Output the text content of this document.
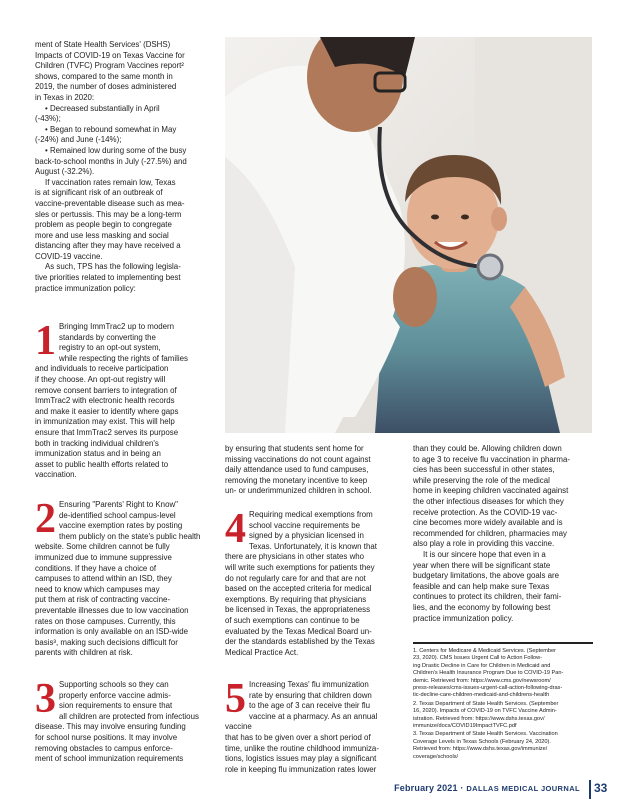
ment of State Health Services' (DSHS)
Impacts of COVID-19 on Texas Vaccine for
Children (TVFC) Program Vaccines report²
shows, compared to the same month in
2019, the number of doses administered
in Texas in 2020:

• Decreased substantially in April
(-43%);

• Began to rebound somewhat in May
(-24%) and June (-14%);

• Remained low during some of the busy
back-to-school months in July (-27.5%) and
August (-32.2%).

If vaccination rates remain low, Texas
is at significant risk of an outbreak of
vaccine-preventable disease such as mea-
sles or pertussis. This may be a long-term
problem as people begin to congregate
more and use less masking and social
distancing after they may have received a
COVID-19 vaccine.

As such, TPS has the following legisla-
tive priorities related to implementing best
practice immunization policy:

1 Bringing ImmTrac2 up to modern
standards by converting the
registry to an opt-out system,
while respecting the rights of families
and individuals to receive participation
if they choose. An opt-out registry will
remove consent barriers to integration of
ImmTrac2 with electronic health records
and make it easier to identify where gaps
in immunization may exist. This will help
ensure that ImmTrac2 serves its purpose
both in tracking individual children's
immunization status and in being an
asset to public health efforts related to
vaccination.
2 Ensuring "Parents' Right to Know"
de-identified school campus-level
vaccine exemption rates by posting
them publicly on the state's public health
website. Some children cannot be fully
immunized due to immune suppressive
conditions. If they have a choice of
campuses to attend within an ISD, they
need to know which campuses may
put them at risk of contracting vaccine-
preventable illnesses due to low vaccination
rates on those campuses. Currently, this
information is only available on an ISD-wide
basis³, making such decisions difficult for
parents with children at risk.
3 Supporting schools so they can
properly enforce vaccine admis-
sion requirements to ensure that
all children are protected from infectious
disease. This may involve ensuring funding
for school nurse positions. It may involve
removing obstacles to campus enforce-
ment of school immunization requirements
by ensuring that students sent home for
missing vaccinations do not count against
daily attendance used to fund campuses,
removing the monetary incentive to keep
un- or underimmunized children in school.
4 Requiring medical exemptions from
school vaccine requirements be
signed by a physician licensed in
Texas. Unfortunately, it is known that
there are physicians in other states who
will write such exemptions for patients they
do not regularly care for and that are not
based on the accepted criteria for medical
exemptions. By requiring that physicians
be licensed in Texas, the appropriateness
of such exemptions can continue to be
evaluated by the Texas Medical Board un-
der the standards established by the Texas
Medical Practice Act.
5 Increasing Texas' flu immunization
rate by ensuring that children down
to the age of 3 can receive their flu
vaccine at a pharmacy. As an annual vaccine
that has to be given over a short period of
time, unlike the routine childhood immuniza-
tions, logistics issues may play a significant
role in keeping flu immunization rates lower

than they could be. Allowing children down
to age 3 to receive flu vaccination in pharma-
cies has been successful in other states,
while preserving the role of the medical
home in keeping children vaccinated against
the other infectious diseases for which they
receive protection. As the COVID-19 vac-
cine becomes more widely available and is
recommended for children, pharmacies may
also play a role in providing this vaccine.

It is our sincere hope that even in a
year when there will be significant state
budgetary limitations, the above goals are
feasible and can help make sure Texas
continues to protect its children, their fami-
lies, and the economy by following best
practice immunization policy.

1. Centers for Medicare & Medicaid Services. (September
23, 2020). CMS Issues Urgent Call to Action Follow-
ing Drastic Decline in Care for Children in Medicaid and
Children's Health Insurance Program Due to COVID-19 Pan-
demic. Retrieved from: https://www.cms.gov/newsroom/
press-releases/cms-issues-urgent-call-action-following-dras-
tic-decline-care-children-medicaid-and-childrens-health

2. Texas Department of State Health Services. (September
16, 2020). Impacts of COVID-19 on TVFC Vaccine Admin-
istration. Retrieved from: https://www.dshs.texas.gov/
immunize/docs/COVID19ImpactTVFC.pdf

3. Texas Department of State Health Services. Vaccination
Coverage Levels in Texas Schools (February 24, 2020).
Retrieved from: https://www.dshs.texas.gov/immunize/
coverage/schools/

February 2021 · DALLAS MEDICAL JOURNAL 33
